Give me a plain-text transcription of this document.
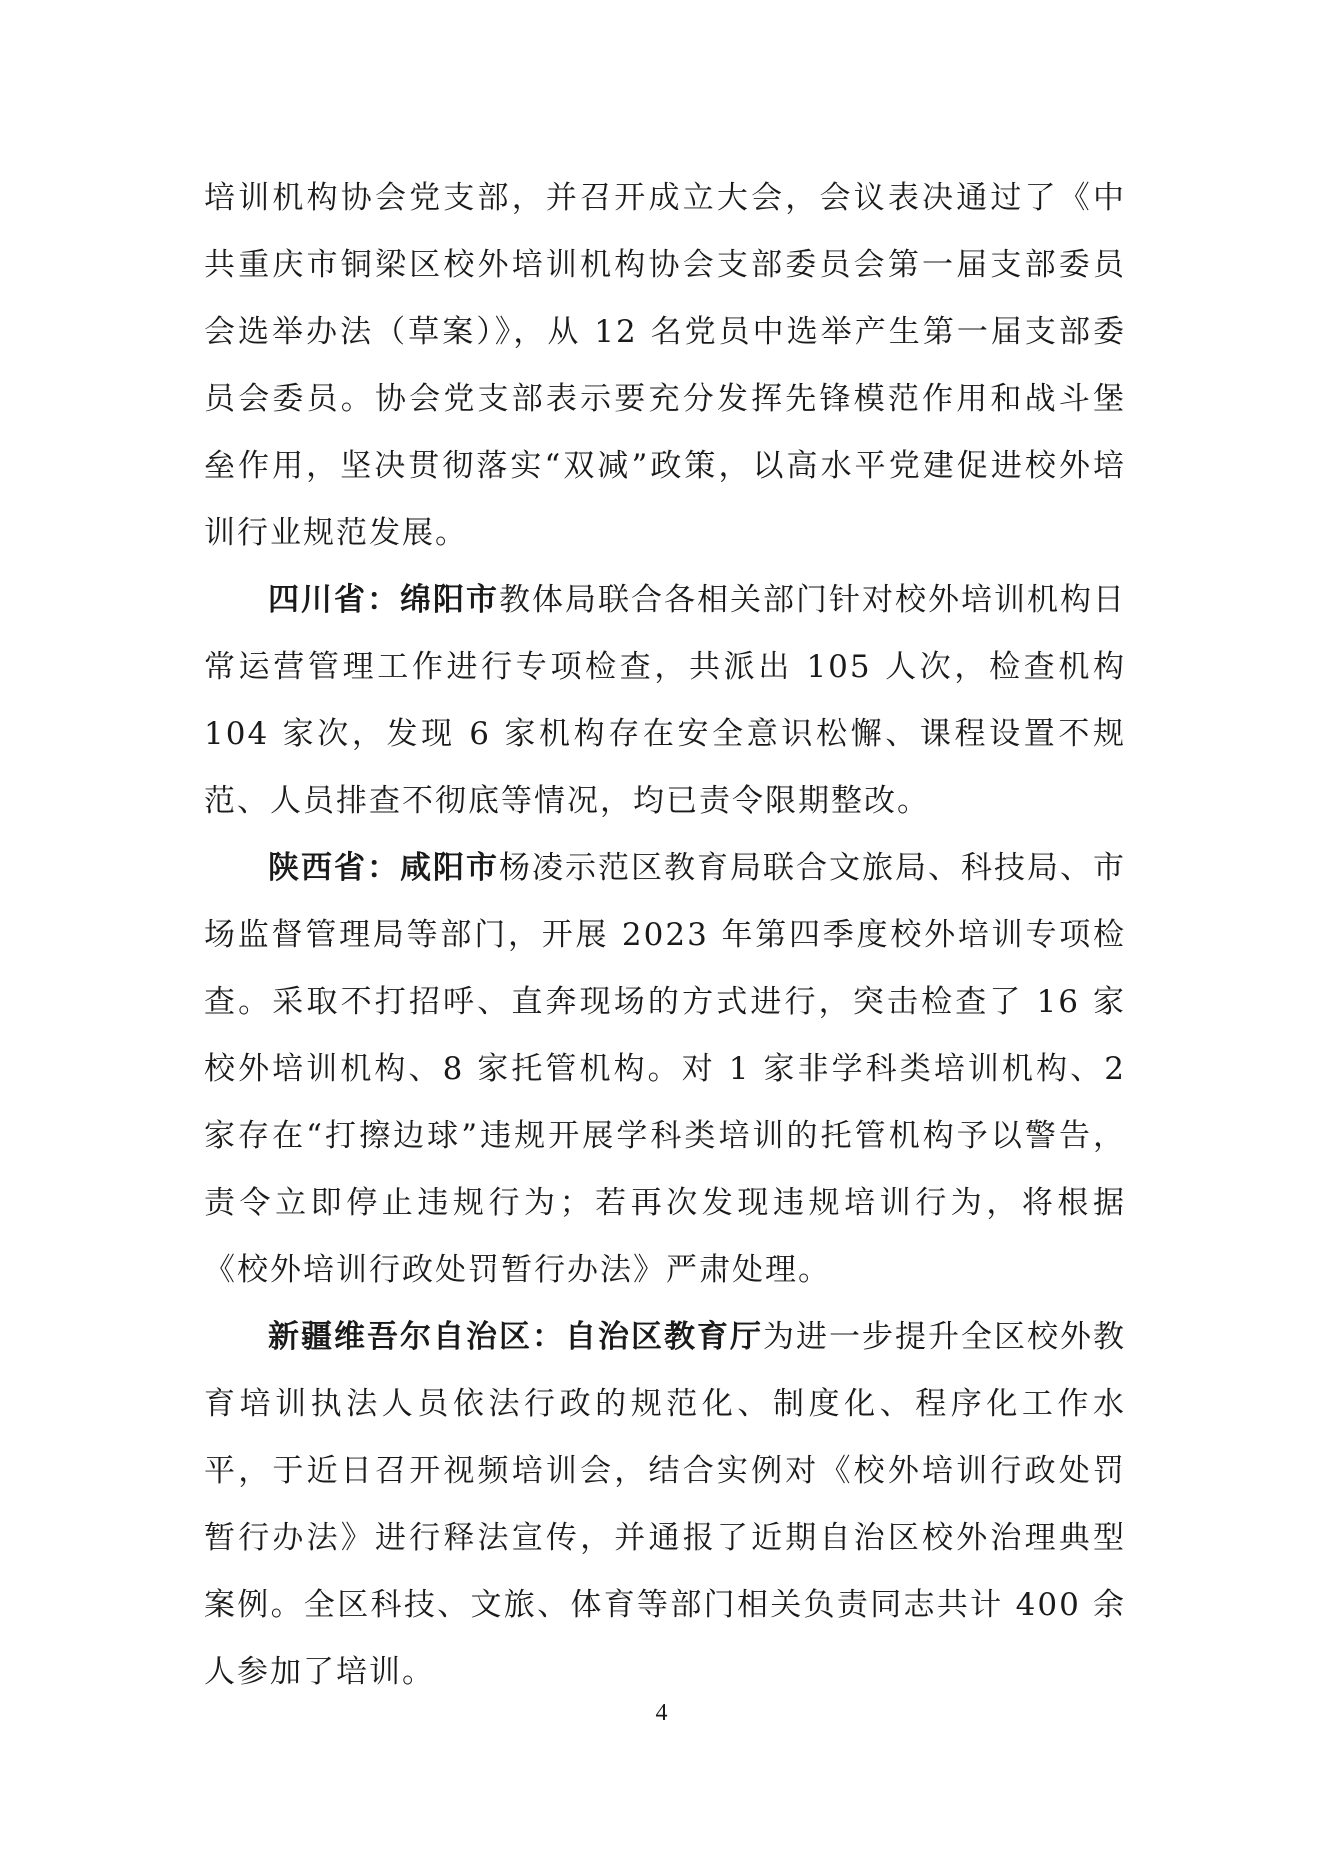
培训机构协会党支部，并召开成立大会，会议表决通过了《中共重庆市铜梁区校外培训机构协会支部委员会第一届支部委员会选举办法（草案）》，从 12 名党员中选举产生第一届支部委员会委员。协会党支部表示要充分发挥先锋模范作用和战斗堡垒作用，坚决贯彻落实“双减”政策，以高水平党建促进校外培训行业规范发展。

四川省：绵阳市教体局联合各相关部门针对校外培训机构日常运营管理工作进行专项检查，共派出 105 人次，检查机构 104 家次，发现 6 家机构存在安全意识松懈、课程设置不规范、人员排查不彻底等情况，均已责令限期整改。

陕西省：咸阳市杨凌示范区教育局联合文旅局、科技局、市场监督管理局等部门，开展 2023 年第四季度校外培训专项检查。采取不打招呼、直奔现场的方式进行，突击检查了 16 家校外培训机构、8 家托管机构。对 1 家非学科类培训机构、2 家存在“打擦边球”违规开展学科类培训的托管机构予以警告，责令立即停止违规行为；若再次发现违规培训行为，将根据《校外培训行政处罚暂行办法》严肃处理。

新疆维吾尔自治区：自治区教育厅为进一步提升全区校外教育培训执法人员依法行政的规范化、制度化、程序化工作水平，于近日召开视频培训会，结合实例对《校外培训行政处罚暂行办法》进行释法宣传，并通报了近期自治区校外治理典型案例。全区科技、文旅、体育等部门相关负责同志共计 400 余人参加了培训。

4
